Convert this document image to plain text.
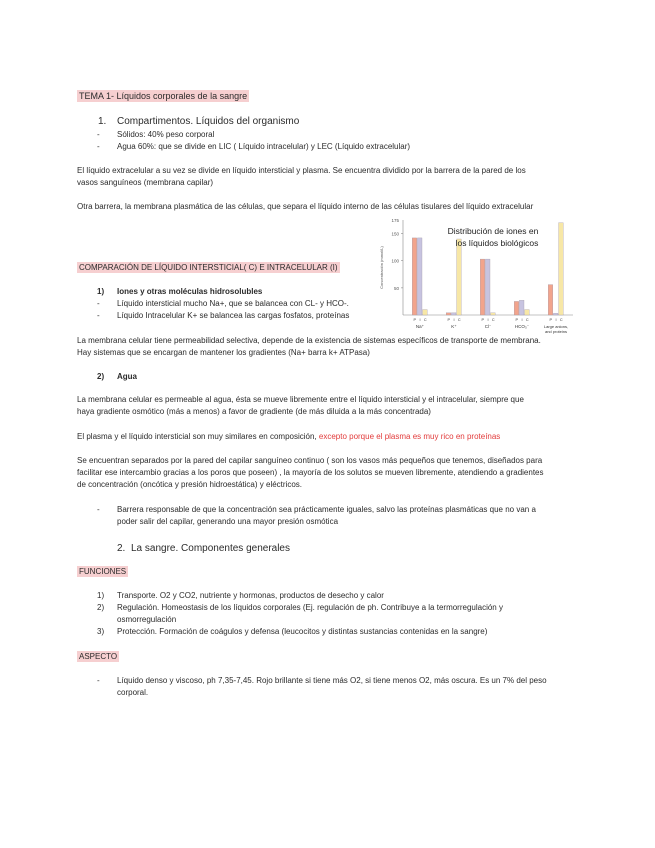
TEMA 1- Líquidos corporales de la sangre
1. Compartimentos. Líquidos del organismo
- Sólidos: 40% peso corporal
- Agua 60%: que se divide en LIC ( Líquido intracelular) y LEC (Líquido extracelular)
El líquido extracelular a su vez se divide en líquido intersticial y plasma. Se encuentra dividido por la barrera de la pared de los
vasos sanguíneos (membrana capilar)
Otra barrera, la membrana plasmática de las células, que separa el líquido interno de las células tisulares del líquido extracelular
150
100
50
175
Concentración (mmol/L)
P I C
Na⁺
P I C
K⁺
P I C
Cl⁻
P I C
HCO₃⁻
P I C
Large anions,
and proteins
Distribución de iones en
los líquidos biológicos
COMPARACIÓN DE LÍQUIDO INTERSTICIAL( C) E INTRACELULAR (I)
1) Iones y otras moléculas hidrosolubles
- Líquido intersticial mucho Na+, que se balancea con CL- y HCO-.
- Líquido Intracelular K+ se balancea las cargas fosfatos, proteínas
La membrana celular tiene permeabilidad selectiva, depende de la existencia de sistemas específicos de transporte de membrana.
Hay sistemas que se encargan de mantener los gradientes (Na+ barra k+ ATPasa)
2) Agua
La membrana celular es permeable al agua, ésta se mueve libremente entre el líquido intersticial y el intracelular, siempre que
haya gradiente osmótico (más a menos) a favor de gradiente (de más diluida a la más concentrada)
El plasma y el líquido intersticial son muy similares en composición, excepto porque el plasma es muy rico en proteínas
Se encuentran separados por la pared del capilar sanguíneo continuo ( son los vasos más pequeños que tenemos, diseñados para
facilitar ese intercambio gracias a los poros que poseen) , la mayoría de los solutos se mueven libremente, atendiendo a gradientes
de concentración (oncótica y presión hidroestática) y eléctricos.
- Barrera responsable de que la concentración sea prácticamente iguales, salvo las proteínas plasmáticas que no van a
poder salir del capilar, generando una mayor presión osmótica
2. La sangre. Componentes generales
FUNCIONES
1) Transporte. O2 y CO2, nutriente y hormonas, productos de desecho y calor
2) Regulación. Homeostasis de los líquidos corporales (Ej. regulación de ph. Contribuye a la termorregulación y
osmorregulación
3) Protección. Formación de coágulos y defensa (leucocitos y distintas sustancias contenidas en la sangre)
ASPECTO
- Líquido denso y viscoso, ph 7,35-7,45. Rojo brillante si tiene más O2, si tiene menos O2, más oscura. Es un 7% del peso
corporal.
